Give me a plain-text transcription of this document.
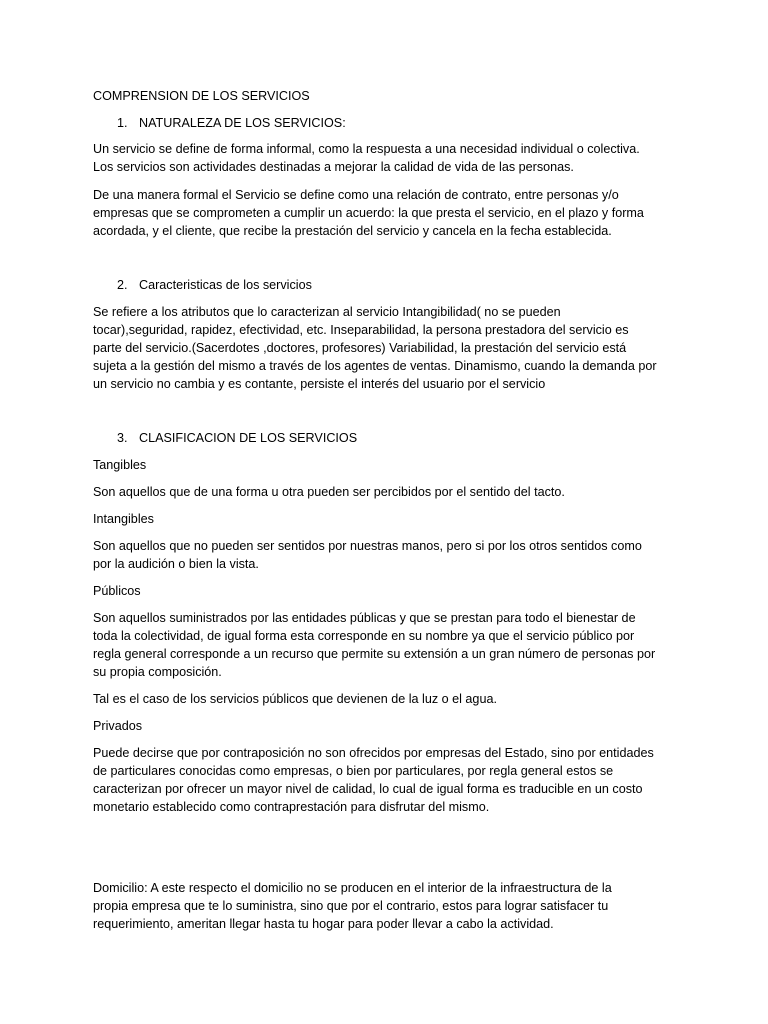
COMPRENSION DE LOS SERVICIOS
1. NATURALEZA DE LOS SERVICIOS:
Un servicio se define de forma informal, como la respuesta a una necesidad individual o colectiva.
Los servicios son actividades destinadas a mejorar la calidad de vida de las personas.
De una manera formal el Servicio se define como una relación de contrato, entre personas y/o
empresas que se comprometen a cumplir un acuerdo: la que presta el servicio, en el plazo y forma
acordada, y el cliente, que recibe la prestación del servicio y cancela en la fecha establecida.
2. Caracteristicas de los servicios
Se refiere a los atributos que lo caracterizan al servicio Intangibilidad( no se pueden
tocar),seguridad, rapidez, efectividad, etc. Inseparabilidad, la persona prestadora del servicio es
parte del servicio.(Sacerdotes ,doctores, profesores) Variabilidad, la prestación del servicio está
sujeta a la gestión del mismo a través de los agentes de ventas. Dinamismo, cuando la demanda por
un servicio no cambia y es contante, persiste el interés del usuario por el servicio
3. CLASIFICACION DE LOS SERVICIOS
Tangibles
Son aquellos que de una forma u otra pueden ser percibidos por el sentido del tacto.
Intangibles
Son aquellos que no pueden ser sentidos por nuestras manos, pero si por los otros sentidos como
por la audición o bien la vista.
Públicos
Son aquellos suministrados por las entidades públicas y que se prestan para todo el bienestar de
toda la colectividad, de igual forma esta corresponde en su nombre ya que el servicio público por
regla general corresponde a un recurso que permite su extensión a un gran número de personas por
su propia composición.
Tal es el caso de los servicios públicos que devienen de la luz o el agua.
Privados
Puede decirse que por contraposición no son ofrecidos por empresas del Estado, sino por entidades
de particulares conocidas como empresas, o bien por particulares, por regla general estos se
caracterizan por ofrecer un mayor nivel de calidad, lo cual de igual forma es traducible en un costo
monetario establecido como contraprestación para disfrutar del mismo.
Domicilio: A este respecto el domicilio no se producen en el interior de la infraestructura de la
propia empresa que te lo suministra, sino que por el contrario, estos para lograr satisfacer tu
requerimiento, ameritan llegar hasta tu hogar para poder llevar a cabo la actividad.
